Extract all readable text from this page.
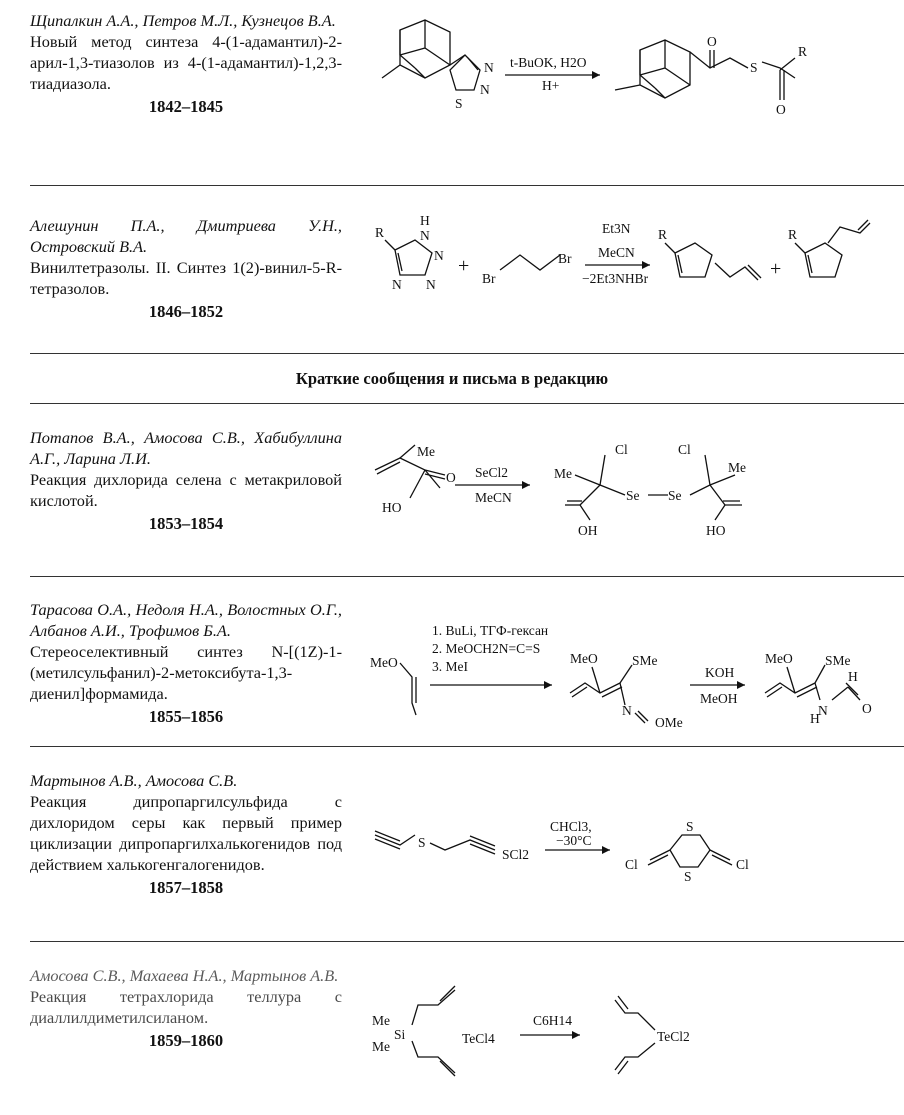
Щипалкин А.А., Петров М.Л., Кузнецов В.А.
Новый метод синтеза 4-(1-адамантил)-2-арил-1,3-тиазолов из 4-(1-адамантил)-1,2,3-тиадиазола.
1842–1845
N
N
S
t-BuOK, H2O
H+
O
S
R
O
Алешунин П.А., Дмитриева У.Н., Островский В.А.
Винилтетразолы. II. Синтез 1(2)-винил-5-R-тетразолов.
1846–1852
R
H
N
N
N
N
+
Br
Br
Et3N
MeCN
−2Et3NHBr
R
+
R
Краткие сообщения и письма в редакцию
Потапов В.А., Амосова С.В., Хабибуллина А.Г., Ларина Л.И.
Реакция дихлорида селена с метакриловой кислотой.
1853–1854
Me
HO
O SeCl2
MeCN
Cl	Cl
Me	Me
Se Se
OH	HO
Тарасова О.А., Недоля Н.А., Волостных О.Г., Албанов А.И., Трофимов Б.А.
Стереоселективный синтез N-[(1Z)-1-(метилсульфанил)-2-метоксибута-1,3-диенил]формамида.
1855–1856
MeO
1. BuLi, ТГФ-гексан
2. MeOCH2N=C=S
3. MeI
MeO	SMe
N
OMe
KOH
MeOH
MeO SMe
N
H
H
O
Мартынов А.В., Амосова С.В.
Реакция дипропаргилсульфида с дихлоридом серы как первый пример циклизации дипропаргилхалькогенидов под действием халькогенгалогенидов.
1857–1858
S
SCl2
CHCl3,
−30°C
S
S
Cl	Cl
Амосова С.В., Махаева Н.А., Мартынов А.В.
Реакция тетрахлорида теллура с диаллилдиметилсиланом.
1859–1860
Me
Si
Me
TeCl4
C6H14
TeCl2
